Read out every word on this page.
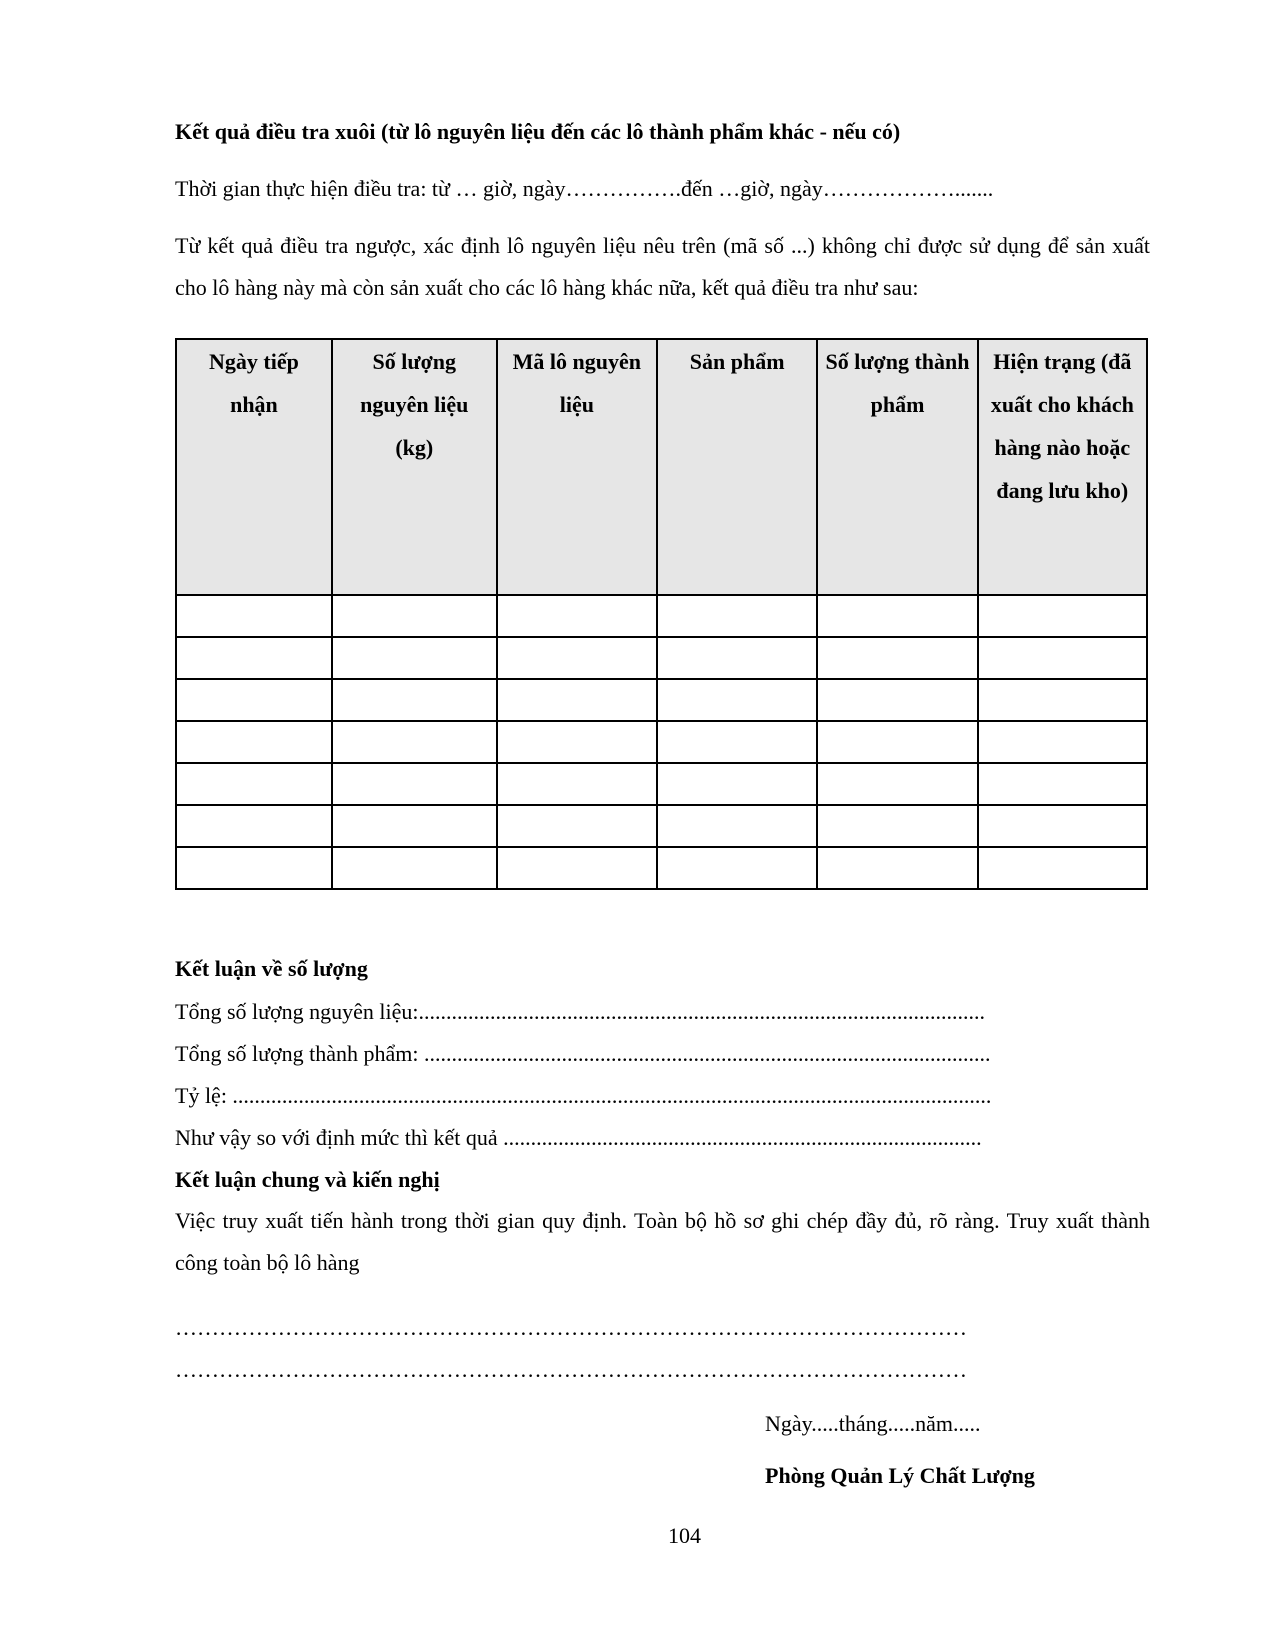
Kết quả điều tra xuôi (từ lô nguyên liệu đến các lô thành phẩm khác - nếu có)
Thời gian thực hiện điều tra: từ … giờ, ngày…………….đến …giờ, ngày……………….......
Từ kết quả điều tra ngược, xác định lô nguyên liệu nêu trên (mã số ...) không chỉ được sử dụng để sản xuất cho lô hàng này mà còn sản xuất cho các lô hàng khác nữa, kết quả điều tra như sau:
Ngày tiếp nhận	Số lượng nguyên liệu (kg)	Mã lô nguyên liệu	Sản phẩm	Số lượng thành phẩm	Hiện trạng (đã xuất cho khách hàng nào hoặc đang lưu kho)

Kết luận về số lượng
Tổng số lượng nguyên liệu:.......................................................................................................
Tổng số lượng thành phẩm: .......................................................................................................
Tỷ lệ: ..........................................................................................................................................
Như vậy so với định mức thì kết quả .......................................................................................
Kết luận chung và kiến nghị
Việc truy xuất tiến hành trong thời gian quy định. Toàn bộ hồ sơ ghi chép đầy đủ, rõ ràng. Truy xuất thành công toàn bộ lô hàng
………………………………………………………………………………………………
………………………………………………………………………………………………
Ngày.....tháng.....năm.....
Phòng Quản Lý Chất Lượng
104
